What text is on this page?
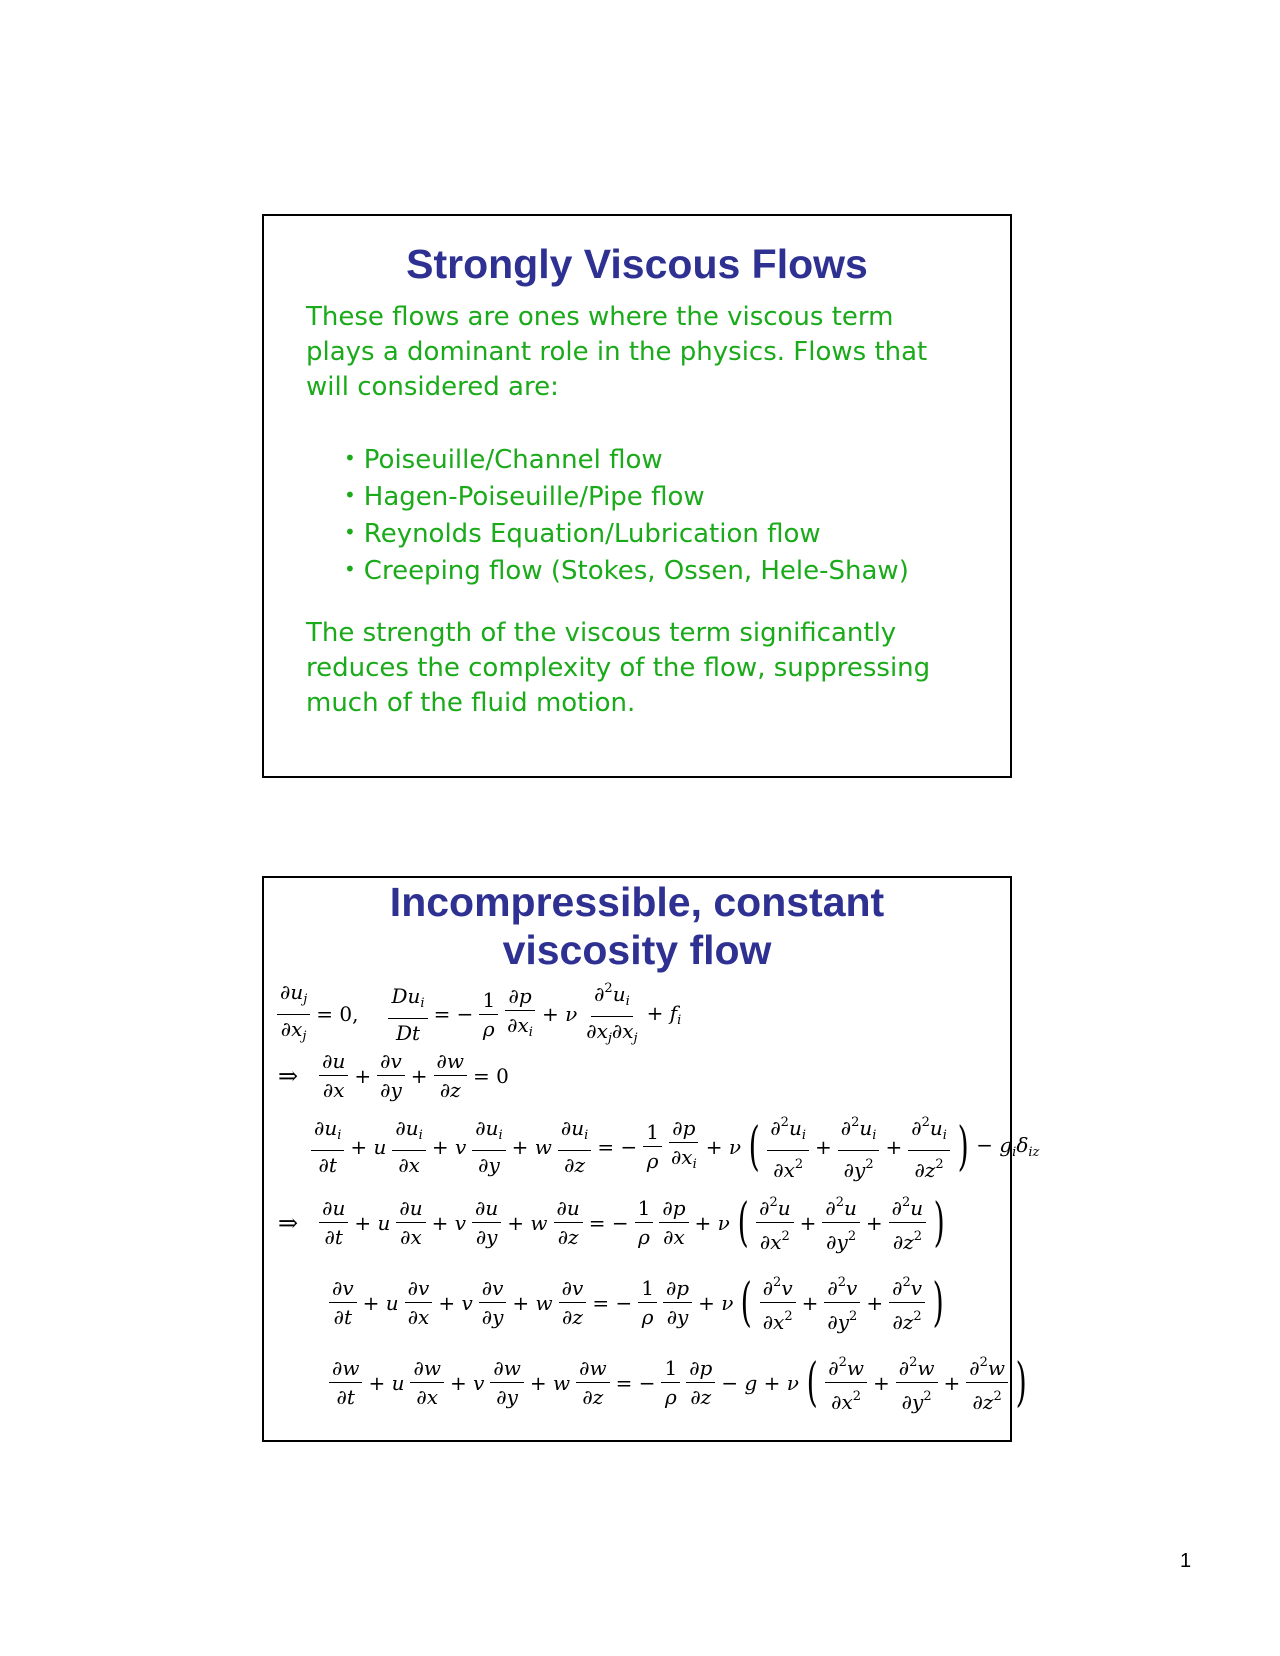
Strongly Viscous Flows

These flows are ones where the viscous term plays a dominant role in the physics. Flows that will considered are:

• Poiseuille/Channel flow
• Hagen-Poiseuille/Pipe flow
• Reynolds Equation/Lubrication flow
• Creeping flow (Stokes, Ossen, Hele-Shaw)

The strength of the viscous term significantly reduces the complexity of the flow, suppressing much of the fluid motion.

Incompressible, constant
viscosity flow
$\frac{\partial u_j}{\partial x_j} = 0$, $\frac{Du_i}{Dt}$ = − $\frac{1}{\rho} \frac{\partial p}{\partial x_i} + \nu \frac{\partial^2u_i}{\partial x_j\partial x_j} + f_i$
⇒ $\frac{\partial u}{\partial x} + \frac{\partial v}{\partial y} + \frac{\partial w}{\partial z} = 0$
$\frac{\partial u_i}{\partial t} + u \frac{\partial u_i}{\partial x} + v \frac{\partial u_i}{\partial y} + w \frac{\partial u_i}{\partial z}$ = − $\frac{1}{\rho} \frac{\partial p}{\partial x_i} + \nu$ ( $\frac{\partial^2u_i}{\partial x^2} + \frac{\partial^2u_i}{\partial y^2} + \frac{\partial^2u_i}{\partial z^2}$ ) − $g_i\delta_{iz}$
⇒ $\frac{\partial u}{\partial t} + u \frac{\partial u}{\partial x} + v \frac{\partial u}{\partial y} + w \frac{\partial u}{\partial z}$ = − $\frac{1}{\rho} \frac{\partial p}{\partial x} + \nu$ ( $\frac{\partial^2u}{\partial x^2} + \frac{\partial^2u}{\partial y^2} + \frac{\partial^2u}{\partial z^2}$ )
$\frac{\partial v}{\partial t} + u \frac{\partial v}{\partial x} + v \frac{\partial v}{\partial y} + w \frac{\partial v}{\partial z}$ = − $\frac{1}{\rho} \frac{\partial p}{\partial y} + \nu$ ( $\frac{\partial^2v}{\partial x^2} + \frac{\partial^2v}{\partial y^2} + \frac{\partial^2v}{\partial z^2}$ )
$\frac{\partial w}{\partial t} + u \frac{\partial w}{\partial x} + v \frac{\partial w}{\partial y} + w \frac{\partial w}{\partial z}$ = − $\frac{1}{\rho} \frac{\partial p}{\partial z} - g + \nu$ ( $\frac{\partial^2w}{\partial x^2} + \frac{\partial^2w}{\partial y^2} + \frac{\partial^2w}{\partial z^2}$ )
1
